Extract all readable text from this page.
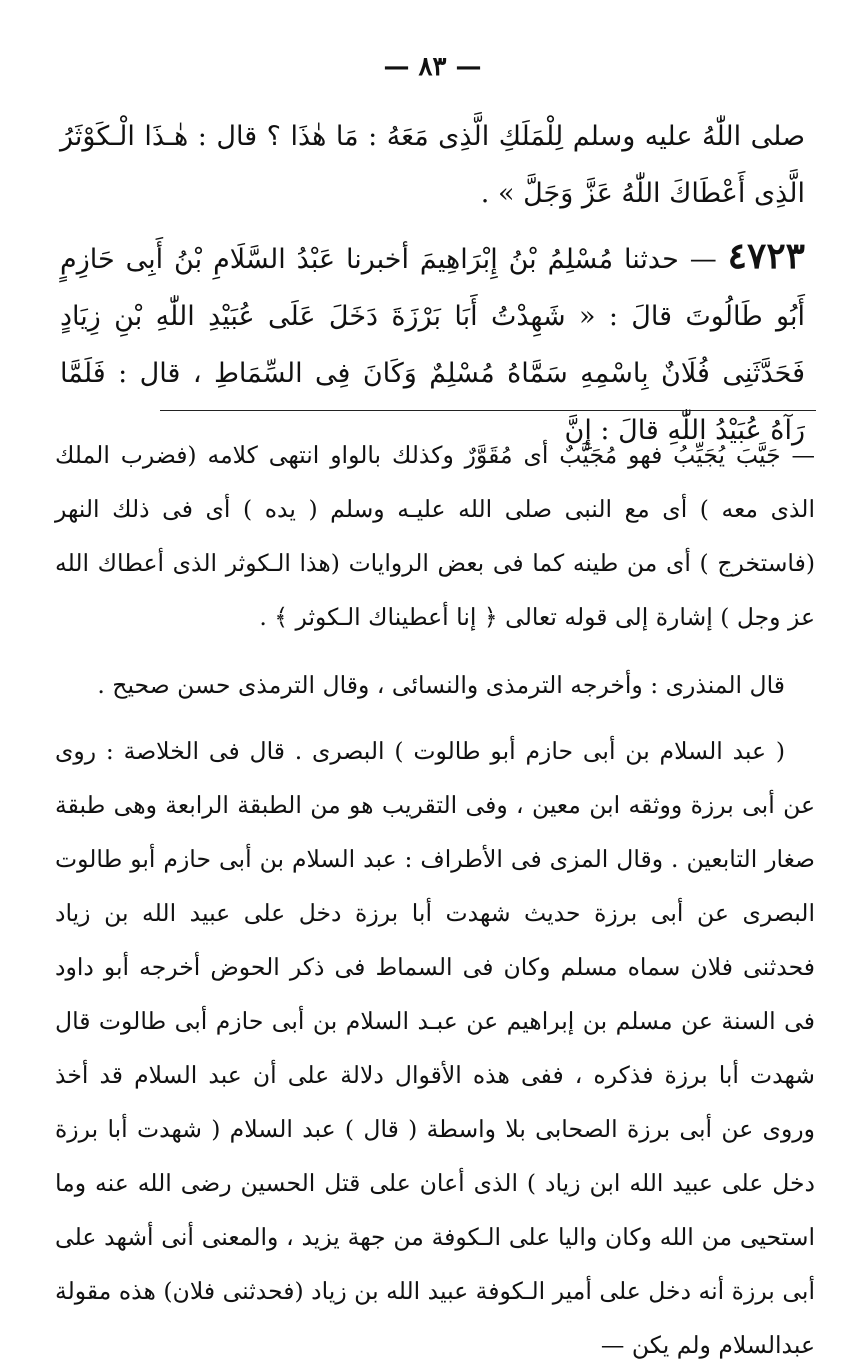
— ٨٣ —

صلى اللّٰهُ عليه وسلم لِلْمَلَكِ الَّذِى مَعَهُ : مَا هٰذَا ؟ قال : هٰـذَا الْـكَوْثَرُ الَّذِى أَعْطَاكَ اللّٰهُ عَزَّ وَجَلَّ » .

٤٧٢٣ — حدثنا مُسْلِمُ بْنُ إِبْرَاهِيمَ أخبرنا عَبْدُ السَّلَامِ بْنُ أَبِى حَازِمٍ أَبُو طَالُوتَ قالَ : « شَهِدْتُ أَبَا بَرْزَةَ دَخَلَ عَلَى عُبَيْدِ اللّٰهِ بْنِ زِيَادٍ فَحَدَّثَنِى فُلَانٌ بِاسْمِهِ سَمَّاهُ مُسْلِمٌ وَكَانَ فِى السِّمَاطِ ، قال : فَلَمَّا رَآهُ عُبَيْدُ اللّٰهِ قالَ : إِنَّ

— جَيَّبَ يُجَيِّبُ فهو مُجَيَّبٌ أى مُقَوَّرٌ وكذلك بالواو انتهى كلامه (فضرب الملك الذى معه ) أى مع النبى صلى الله عليـه وسلم ( يده ) أى فى ذلك النهر (فاستخرج ) أى من طينه كما فى بعض الروايات (هذا الـكوثر الذى أعطاك الله عز وجل ) إشارة إلى قوله تعالى ﴿ إنا أعطيناك الـكوثر ﴾ .

قال المنذرى : وأخرجه الترمذى والنسائى ، وقال الترمذى حسن صحيح .

( عبد السلام بن أبى حازم أبو طالوت ) البصرى . قال فى الخلاصة : روى عن أبى برزة ووثقه ابن معين ، وفى التقريب هو من الطبقة الرابعة وهى طبقة صغار التابعين . وقال المزى فى الأطراف : عبد السلام بن أبى حازم أبو طالوت البصرى عن أبى برزة حديث شهدت أبا برزة دخل على عبيد الله بن زياد فحدثنى فلان سماه مسلم وكان فى السماط فى ذكر الحوض أخرجه أبو داود فى السنة عن مسلم بن إبراهيم عن عبـد السلام بن أبى حازم أبى طالوت قال شهدت أبا برزة فذكره ، ففى هذه الأقوال دلالة على أن عبد السلام قد أخذ وروى عن أبى برزة الصحابى بلا واسطة ( قال ) عبد السلام ( شهدت أبا برزة دخل على عبيد الله ابن زياد ) الذى أعان على قتل الحسين رضى الله عنه وما استحيى من الله وكان واليا على الـكوفة من جهة يزيد ، والمعنى أنى أشهد على أبى برزة أنه دخل على أمير الـكوفة عبيد الله بن زياد (فحدثنى فلان) هذه مقولة عبدالسلام ولم يكن —
